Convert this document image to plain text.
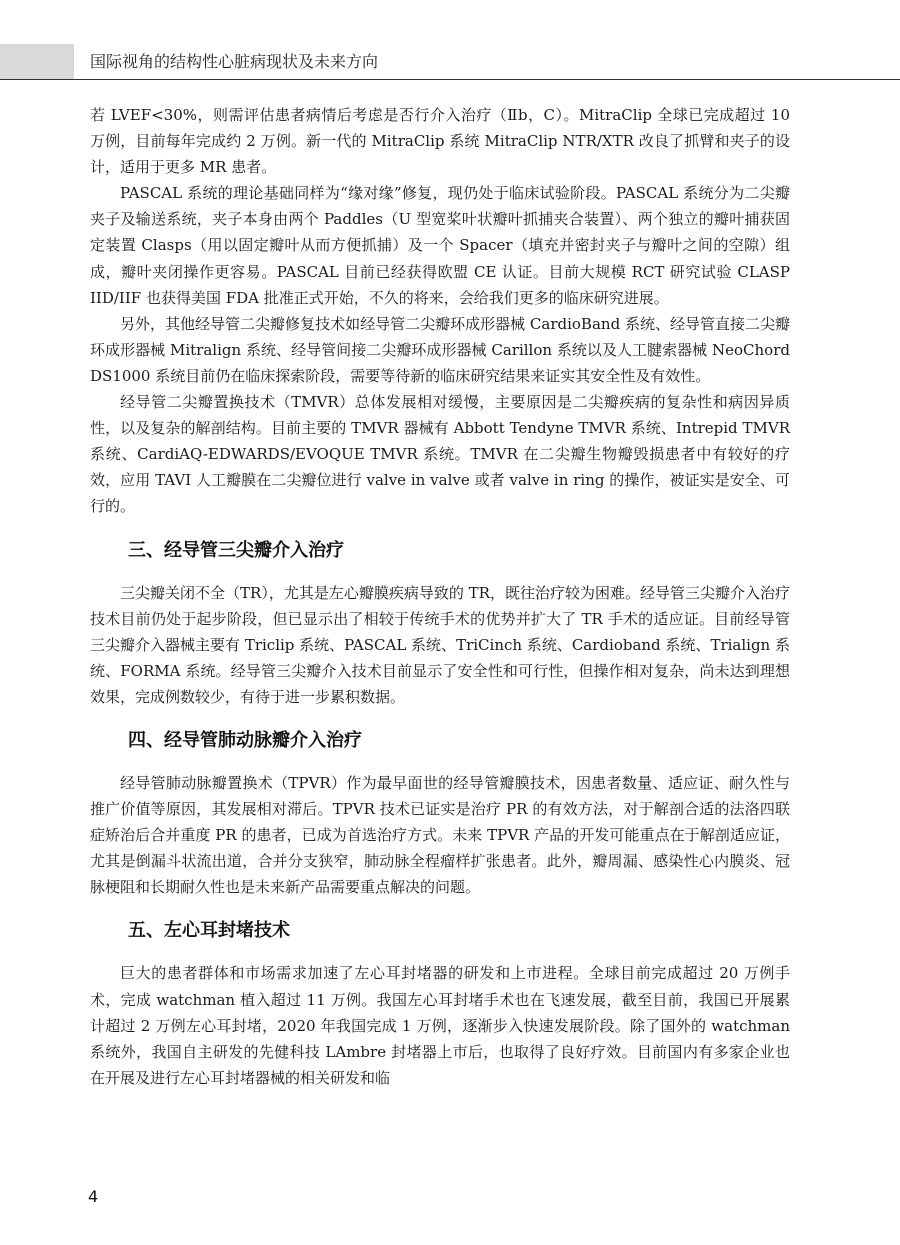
国际视角的结构性心脏病现状及未来方向

若 LVEF<30%，则需评估患者病情后考虑是否行介入治疗（Ⅱb，C）。MitraClip 全球已完成超过 10 万例，目前每年完成约 2 万例。新一代的 MitraClip 系统 MitraClip NTR/XTR 改良了抓臂和夹子的设计，适用于更多 MR 患者。

PASCAL 系统的理论基础同样为“缘对缘”修复，现仍处于临床试验阶段。PASCAL 系统分为二尖瓣夹子及输送系统，夹子本身由两个 Paddles（U 型宽桨叶状瓣叶抓捕夹合装置）、两个独立的瓣叶捕获固定装置 Clasps（用以固定瓣叶从而方便抓捕）及一个 Spacer（填充并密封夹子与瓣叶之间的空隙）组成，瓣叶夹闭操作更容易。PASCAL 目前已经获得欧盟 CE 认证。目前大规模 RCT 研究试验 CLASP IID/IIF 也获得美国 FDA 批准正式开始，不久的将来，会给我们更多的临床研究进展。

另外，其他经导管二尖瓣修复技术如经导管二尖瓣环成形器械 CardioBand 系统、经导管直接二尖瓣环成形器械 Mitralign 系统、经导管间接二尖瓣环成形器械 Carillon 系统以及人工腱索器械 NeoChord DS1000 系统目前仍在临床探索阶段，需要等待新的临床研究结果来证实其安全性及有效性。

经导管二尖瓣置换技术（TMVR）总体发展相对缓慢，主要原因是二尖瓣疾病的复杂性和病因异质性，以及复杂的解剖结构。目前主要的 TMVR 器械有 Abbott Tendyne TMVR 系统、Intrepid TMVR 系统、CardiAQ-EDWARDS/EVOQUE TMVR 系统。TMVR 在二尖瓣生物瓣毁损患者中有较好的疗效，应用 TAVI 人工瓣膜在二尖瓣位进行 valve in valve 或者 valve in ring 的操作，被证实是安全、可行的。

三、经导管三尖瓣介入治疗

三尖瓣关闭不全（TR），尤其是左心瓣膜疾病导致的 TR，既往治疗较为困难。经导管三尖瓣介入治疗技术目前仍处于起步阶段，但已显示出了相较于传统手术的优势并扩大了 TR 手术的适应证。目前经导管三尖瓣介入器械主要有 Triclip 系统、PASCAL 系统、TriCinch 系统、Cardioband 系统、Trialign 系统、FORMA 系统。经导管三尖瓣介入技术目前显示了安全性和可行性，但操作相对复杂，尚未达到理想效果，完成例数较少，有待于进一步累积数据。

四、经导管肺动脉瓣介入治疗

经导管肺动脉瓣置换术（TPVR）作为最早面世的经导管瓣膜技术，因患者数量、适应证、耐久性与推广价值等原因，其发展相对滞后。TPVR 技术已证实是治疗 PR 的有效方法，对于解剖合适的法洛四联症矫治后合并重度 PR 的患者，已成为首选治疗方式。未来 TPVR 产品的开发可能重点在于解剖适应证，尤其是倒漏斗状流出道，合并分支狭窄，肺动脉全程瘤样扩张患者。此外，瓣周漏、感染性心内膜炎、冠脉梗阻和长期耐久性也是未来新产品需要重点解决的问题。

五、左心耳封堵技术

巨大的患者群体和市场需求加速了左心耳封堵器的研发和上市进程。全球目前完成超过 20 万例手术，完成 watchman 植入超过 11 万例。我国左心耳封堵手术也在飞速发展，截至目前，我国已开展累计超过 2 万例左心耳封堵，2020 年我国完成 1 万例，逐渐步入快速发展阶段。除了国外的 watchman 系统外，我国自主研发的先健科技 LAmbre 封堵器上市后，也取得了良好疗效。目前国内有多家企业也在开展及进行左心耳封堵器械的相关研发和临

4
